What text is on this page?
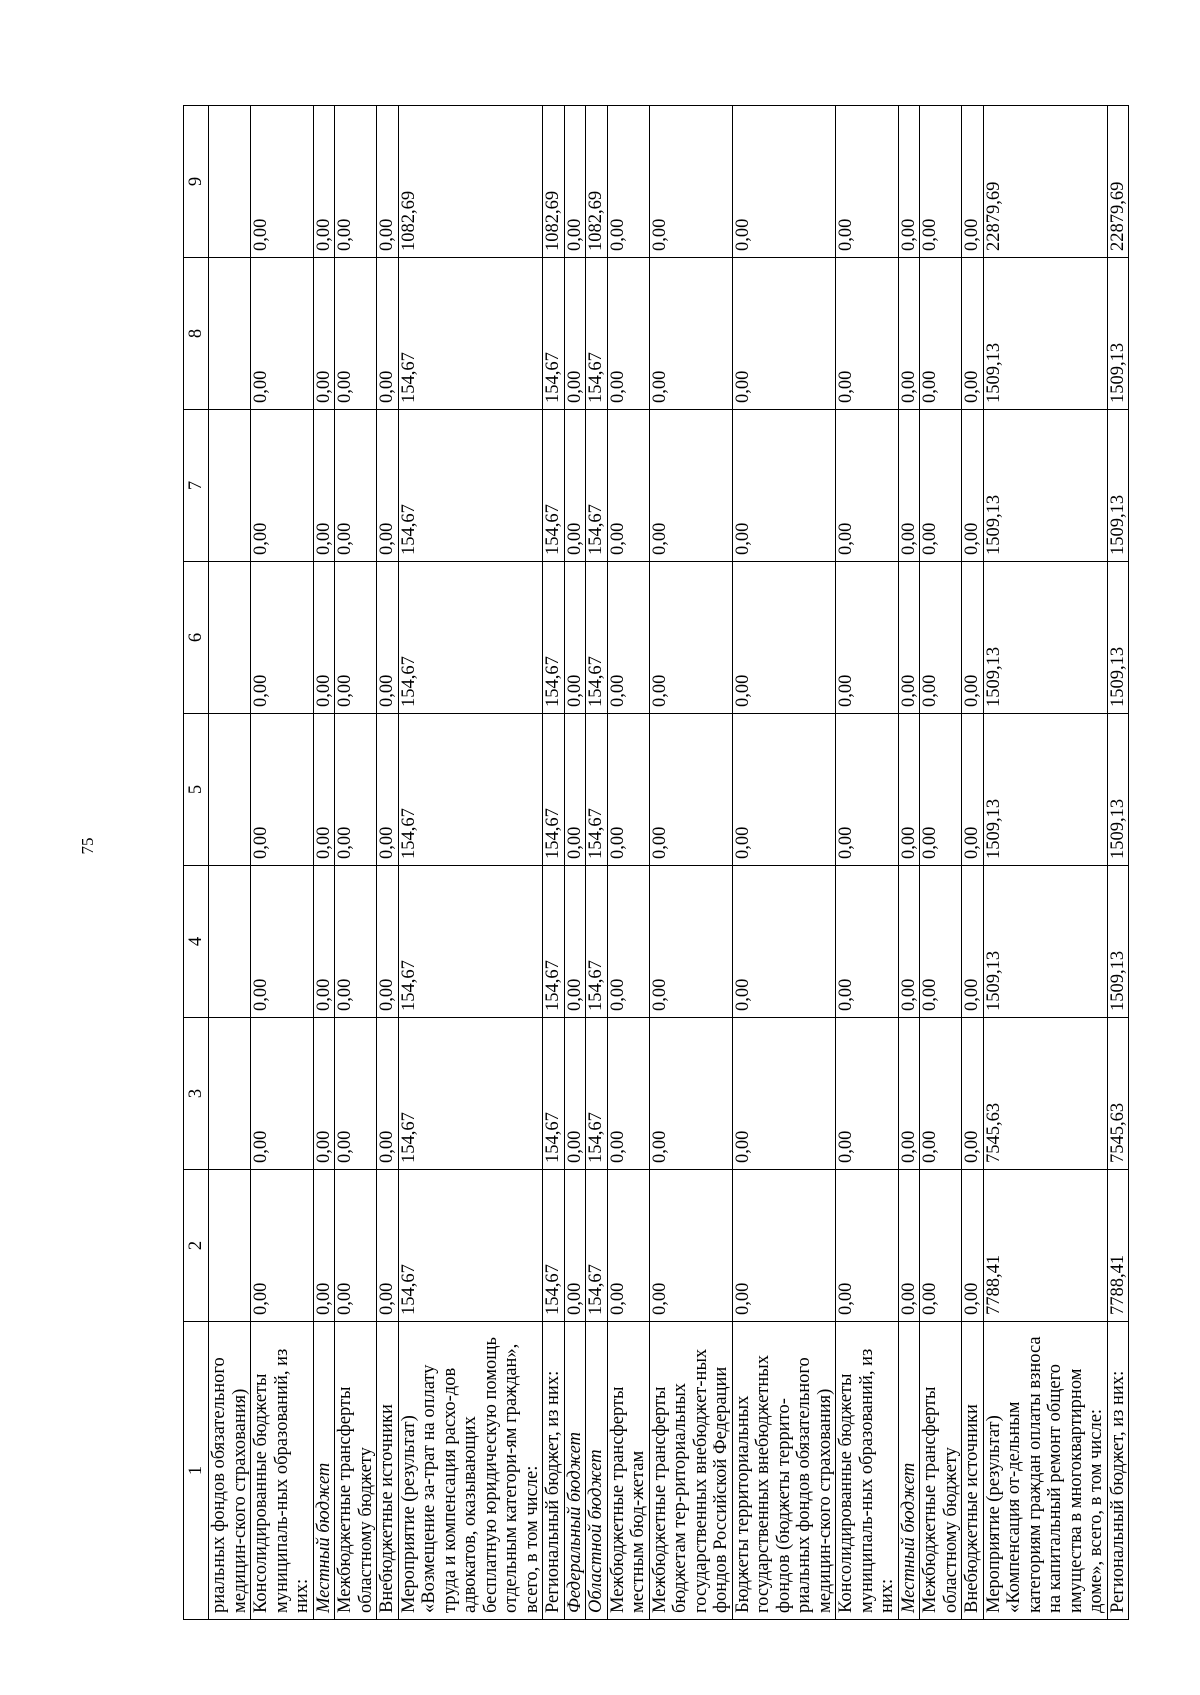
75
1	2	3	4	5	6	7	8	9
риальных фондов обязательного медицин-ского страхования)								
Консолидированные бюджеты муниципаль-ных образований, из них:	0,00	0,00	0,00	0,00	0,00	0,00	0,00	0,00
Местный бюджет	0,00	0,00	0,00	0,00	0,00	0,00	0,00	0,00
Межбюджетные трансферты областному бюджету	0,00	0,00	0,00	0,00	0,00	0,00	0,00	0,00
Внебюджетные источники	0,00	0,00	0,00	0,00	0,00	0,00	0,00	0,00
Мероприятие (результат) «Возмещение за-трат на оплату труда и компенсация расхо-дов адвокатов, оказывающих бесплатную юридическую помощь отдельным категори-ям граждан», всего, в том числе:	154,67	154,67	154,67	154,67	154,67	154,67	154,67	1082,69
Региональный бюджет, из них:	154,67	154,67	154,67	154,67	154,67	154,67	154,67	1082,69
Федеральный бюджет	0,00	0,00	0,00	0,00	0,00	0,00	0,00	0,00
Областной бюджет	154,67	154,67	154,67	154,67	154,67	154,67	154,67	1082,69
Межбюджетные трансферты местным бюд-жетам	0,00	0,00	0,00	0,00	0,00	0,00	0,00	0,00
Межбюджетные трансферты бюджетам тер-риториальных государственных внебюджет-ных фондов Российской Федерации	0,00	0,00	0,00	0,00	0,00	0,00	0,00	0,00
Бюджеты территориальных государственных внебюджетных фондов (бюджеты террито-риальных фондов обязательного медицин-ского страхования)	0,00	0,00	0,00	0,00	0,00	0,00	0,00	0,00
Консолидированные бюджеты муниципаль-ных образований, из них:	0,00	0,00	0,00	0,00	0,00	0,00	0,00	0,00
Местный бюджет	0,00	0,00	0,00	0,00	0,00	0,00	0,00	0,00
Межбюджетные трансферты областному бюджету	0,00	0,00	0,00	0,00	0,00	0,00	0,00	0,00
Внебюджетные источники	0,00	0,00	0,00	0,00	0,00	0,00	0,00	0,00
Мероприятие (результат) «Компенсация от-дельным категориям граждан оплаты взноса на капитальный ремонт общего имущества в многоквартирном доме», всего, в том числе:	7788,41	7545,63	1509,13	1509,13	1509,13	1509,13	1509,13	22879,69
Региональный бюджет, из них:	7788,41	7545,63	1509,13	1509,13	1509,13	1509,13	1509,13	22879,69
